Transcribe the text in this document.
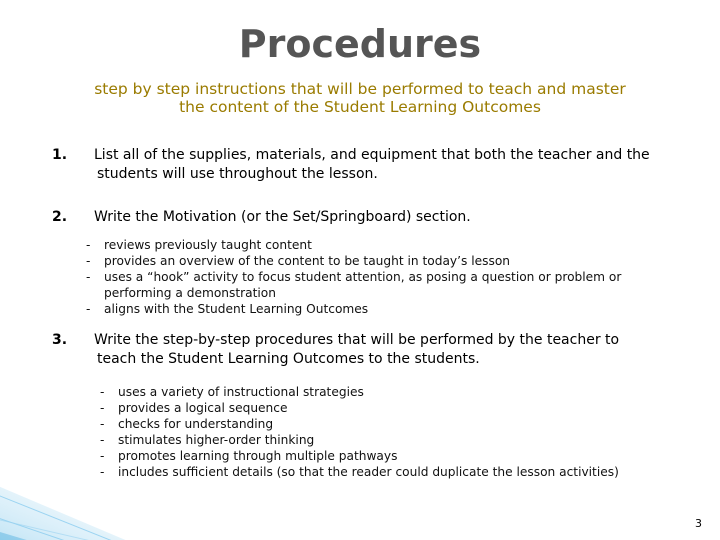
Procedures
step by step instructions that will be performed to teach and master
the content of the Student Learning Outcomes
1. List all of the supplies, materials, and equipment that both the teacher and the
students will use throughout the lesson.
2. Write the Motivation (or the Set/Springboard) section.
-	reviews previously taught content
-	provides an overview of the content to be taught in today’s lesson
-	uses a “hook” activity to focus student attention, as posing a question or problem or
performing a demonstration
-	aligns with the Student Learning Outcomes
3. Write the step-by-step procedures that will be performed by the teacher to
teach the Student Learning Outcomes to the students.
-	uses a variety of instructional strategies
-	provides a logical sequence
-	checks for understanding
-	stimulates higher-order thinking
-	promotes learning through multiple pathways
-	includes sufficient details (so that the reader could duplicate the lesson activities)
3
